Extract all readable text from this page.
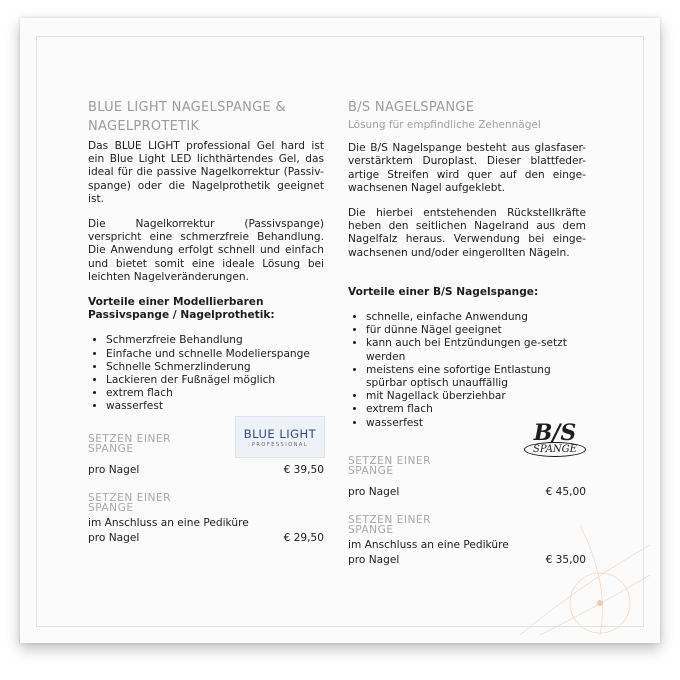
BLUE LIGHT NAGELSPANGE & NAGELPROTETIK

Das BLUE LIGHT professional Gel hard ist ein Blue Light LED lichthärtendes Gel, das ideal für die passive Nagelkorrektur (Passiv-spange) oder die Nagelprothetik geeignet ist.

Die Nagelkorrektur (Passivspange) verspricht eine schmerzfreie Behandlung. Die Anwendung erfolgt schnell und einfach und bietet somit eine ideale Lösung bei leichten Nagelveränderungen.

Vorteile einer Modellierbaren Passivspange / Nagelprothetik:
• Schmerzfreie Behandlung
• Einfache und schnelle Modelierspange
• Schnelle Schmerzlinderung
• Lackieren der Fußnägel möglich
• extrem flach
• wasserfest
SETZEN EINER SPANGE
pro Nagel	€ 39,50
SETZEN EINER SPANGE
im Anschluss an eine Pediküre
pro Nagel	€ 29,50
BLUE LIGHT
PROFESSIONAL
B/S NAGELSPANGE
Lösung für empfindliche Zehennägel

Die B/S Nagelspange besteht aus glasfaser-verstärktem Duroplast. Dieser blattfeder-artige Streifen wird quer auf den einge-wachsenen Nagel aufgeklebt.

Die hierbei entstehenden Rückstellkräfte heben den seitlichen Nagelrand aus dem Nagelfalz heraus. Verwendung bei einge-wachsenen und/oder eingerollten Nägeln.

Vorteile einer B/S Nagelspange:
• schnelle, einfache Anwendung
• für dünne Nägel geeignet
• kann auch bei Entzündungen ge-setzt werden
• meistens eine sofortige Entlastung spürbar optisch unauffällig
• mit Nagellack überziehbar
• extrem flach
• wasserfest
SETZEN EINER SPANGE
pro Nagel	€ 45,00
SETZEN EINER SPANGE
im Anschluss an eine Pediküre
pro Nagel	€ 35,00
B/S
SPANGE
